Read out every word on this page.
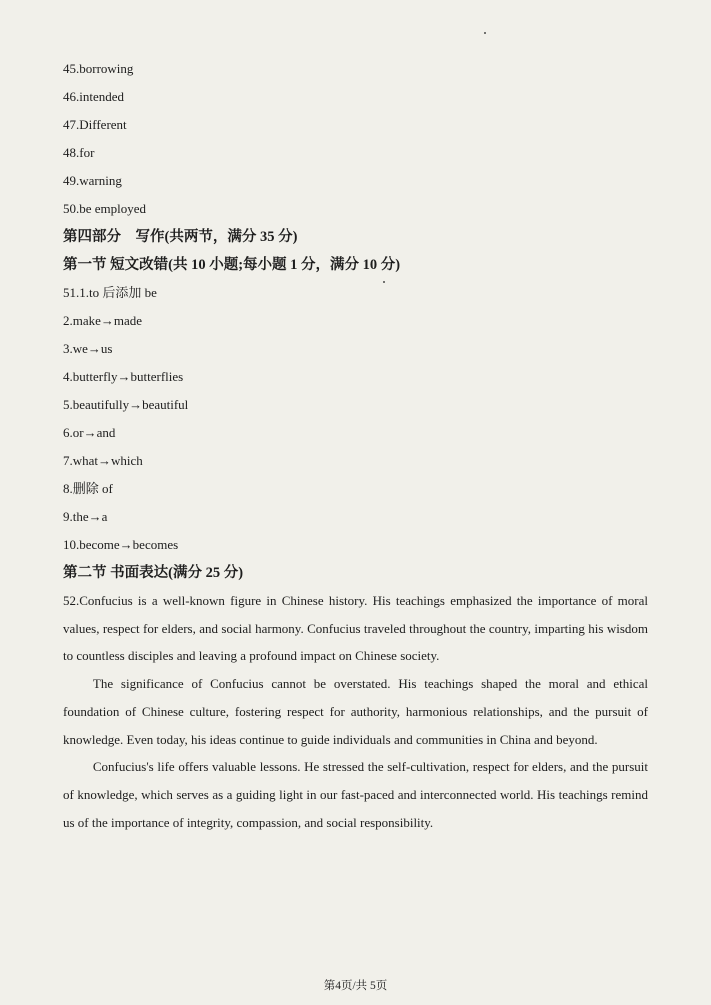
45.borrowing
46.intended
47.Different
48.for
49.warning
50.be employed
第四部分　写作(共两节，满分 35 分)
第一节 短文改错(共 10 小题;每小题 1 分，满分 10 分)
51.1.to 后添加 be
2.make→made
3.we→us
4.butterfly→butterflies
5.beautifully→beautiful
6.or→and
7.what→which
8.删除 of
9.the→a
10.become→becomes
第二节 书面表达(满分 25 分)

52.Confucius is a well-known figure in Chinese history. His teachings emphasized the importance of moral values, respect for elders, and social harmony. Confucius traveled throughout the country, imparting his wisdom to countless disciples and leaving a profound impact on Chinese society.

The significance of Confucius cannot be overstated. His teachings shaped the moral and ethical foundation of Chinese culture, fostering respect for authority, harmonious relationships, and the pursuit of knowledge. Even today, his ideas continue to guide individuals and communities in China and beyond.

Confucius's life offers valuable lessons. He stressed the self-cultivation, respect for elders, and the pursuit of knowledge, which serves as a guiding light in our fast-paced and interconnected world. His teachings remind us of the importance of integrity, compassion, and social responsibility.

第4页/共 5页
